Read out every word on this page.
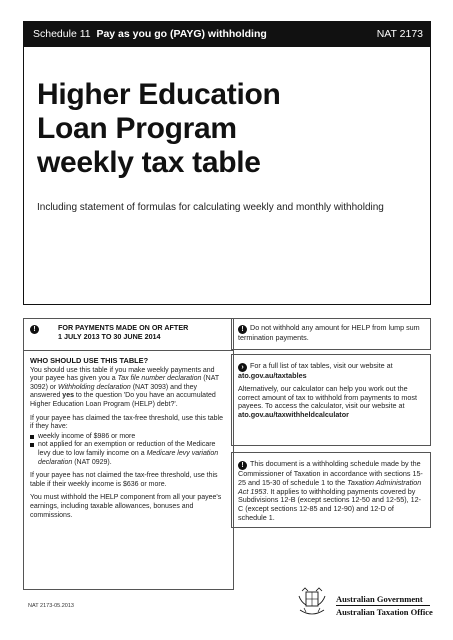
Schedule 11 Pay as you go (PAYG) withholding	NAT 2173
Higher Education
Loan Program
weekly tax table
Including statement of formulas for calculating weekly and monthly withholding
!	FOR PAYMENTS MADE ON OR AFTER
1 JULY 2013 TO 30 JUNE 2014
WHO SHOULD USE THIS TABLE?

You should use this table if you make weekly payments and your payee has given you a Tax file number declaration (NAT 3092) or Withholding declaration (NAT 3093) and they answered yes to the question 'Do you have an accumulated Higher Education Loan Program (HELP) debt?'.

If your payee has claimed the tax-free threshold, use this table if they have:

weekly income of $986 or more
not applied for an exemption or reduction of the Medicare levy due to low family income on a Medicare levy variation declaration (NAT 0929).

If your payee has not claimed the tax-free threshold, use this table if their weekly income is $636 or more.

You must withhold the HELP component from all your payee's earnings, including taxable allowances, bonuses and commissions.

! Do not withhold any amount for HELP from lump sum termination payments.
› For a full list of tax tables, visit our website at
ato.gov.au/taxtables
Alternatively, our calculator can help you work out the correct amount of tax to withhold from payments to most payees. To access the calculator, visit our website at
ato.gov.au/taxwithheldcalculator
! This document is a withholding schedule made by the Commissioner of Taxation in accordance with sections 15-25 and 15-30 of schedule 1 to the Taxation Administration Act 1953. It applies to withholding payments covered by Subdivisions 12-B (except sections 12-50 and 12-55), 12-C (except sections 12-85 and 12-90) and 12-D of schedule 1.
NAT 2173-05.2013
Australian Government
Australian Taxation Office
